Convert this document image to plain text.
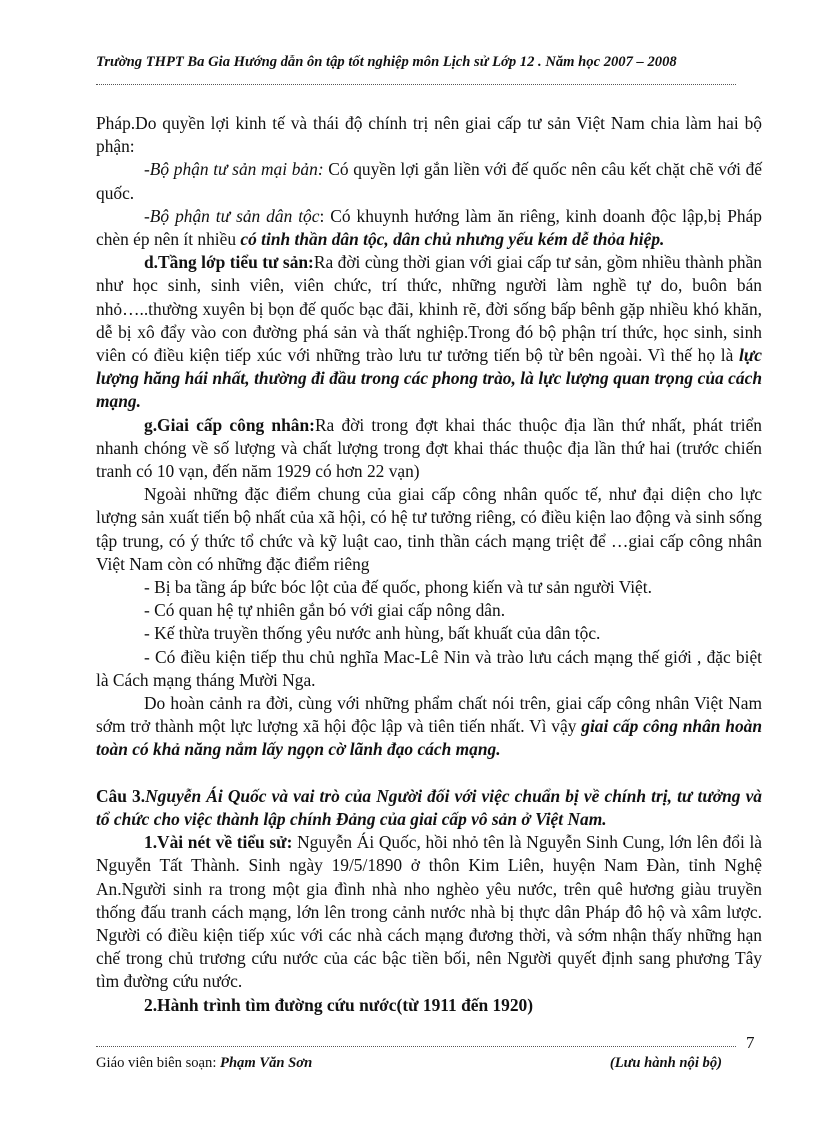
Trường THPT Ba Gia Hướng dẫn ôn tập tốt nghiệp môn Lịch sử Lớp 12 . Năm học 2007 – 2008

Pháp.Do quyền lợi kinh tế và thái độ chính trị nên giai cấp tư sản Việt Nam chia làm hai bộ phận:

-Bộ phận tư sản mại bản: Có quyền lợi gắn liền với đế quốc nên câu kết chặt chẽ với đế quốc.

-Bộ phận tư sản dân tộc: Có khuynh hướng làm ăn riêng, kinh doanh độc lập,bị Pháp chèn ép nên ít nhiều có tinh thần dân tộc, dân chủ nhưng yếu kém dễ thỏa hiệp.

d.Tầng lớp tiểu tư sản:Ra đời cùng thời gian với giai cấp tư sản, gồm nhiều thành phần như học sinh, sinh viên, viên chức, trí thức, những người làm nghề tự do, buôn bán nhỏ…..thường xuyên bị bọn đế quốc bạc đãi, khinh rẽ, đời sống bấp bênh gặp nhiều khó khăn, dễ bị xô đẩy vào con đường phá sản và thất nghiệp.Trong đó bộ phận trí thức, học sinh, sinh viên có điều kiện tiếp xúc với những trào lưu tư tưởng tiến bộ từ bên ngoài. Vì thế họ là lực lượng hăng hái nhất, thường đi đầu trong các phong trào, là lực lượng quan trọng của cách mạng.

g.Giai cấp công nhân:Ra đời trong đợt khai thác thuộc địa lần thứ nhất, phát triển nhanh chóng về số lượng và chất lượng trong đợt khai thác thuộc địa lần thứ hai (trước chiến tranh có 10 vạn, đến năm 1929 có hơn 22 vạn)

Ngoài những đặc điểm chung của giai cấp công nhân quốc tế, như đại diện cho lực lượng sản xuất tiến bộ nhất của xã hội, có hệ tư tưởng riêng, có điều kiện lao động và sinh sống tập trung, có ý thức tổ chức và kỹ luật cao, tinh thần cách mạng triệt để …giai cấp công nhân Việt Nam còn có những đặc điểm riêng

- Bị ba tầng áp bức bóc lột của đế quốc, phong kiến và tư sản người Việt.

- Có quan hệ tự nhiên gắn bó với giai cấp nông dân.

- Kế thừa truyền thống yêu nước anh hùng, bất khuất của dân tộc.

- Có điều kiện tiếp thu chủ nghĩa Mac-Lê Nin và trào lưu cách mạng thế giới , đặc biệt là Cách mạng tháng Mười Nga.

Do hoàn cảnh ra đời, cùng với những phẩm chất nói trên, giai cấp công nhân Việt Nam sớm trở thành một lực lượng xã hội độc lập và tiên tiến nhất. Vì vậy giai cấp công nhân hoàn toàn có khả năng nắm lấy ngọn cờ lãnh đạo cách mạng.

Câu 3.Nguyễn Ái Quốc và vai trò của Người đối với việc chuẩn bị về chính trị, tư tưởng và tổ chức cho việc thành lập chính Đảng của giai cấp vô sản ở Việt Nam.

1.Vài nét về tiểu sử: Nguyễn Ái Quốc, hồi nhỏ tên là Nguyễn Sinh Cung, lớn lên đổi là Nguyễn Tất Thành. Sinh ngày 19/5/1890 ở thôn Kim Liên, huyện Nam Đàn, tỉnh Nghệ An.Người sinh ra trong một gia đình nhà nho nghèo yêu nước, trên quê hương giàu truyền thống đấu tranh cách mạng, lớn lên trong cảnh nước nhà bị thực dân Pháp đô hộ và xâm lược. Người có điều kiện tiếp xúc với các nhà cách mạng đương thời, và sớm nhận thấy những hạn chế trong chủ trương cứu nước của các bậc tiền bối, nên Người quyết định sang phương Tây tìm đường cứu nước.

2.Hành trình tìm đường cứu nước(từ 1911 đến 1920)

7
Giáo viên biên soạn: Phạm Văn Sơn	(Lưu hành nội bộ)
